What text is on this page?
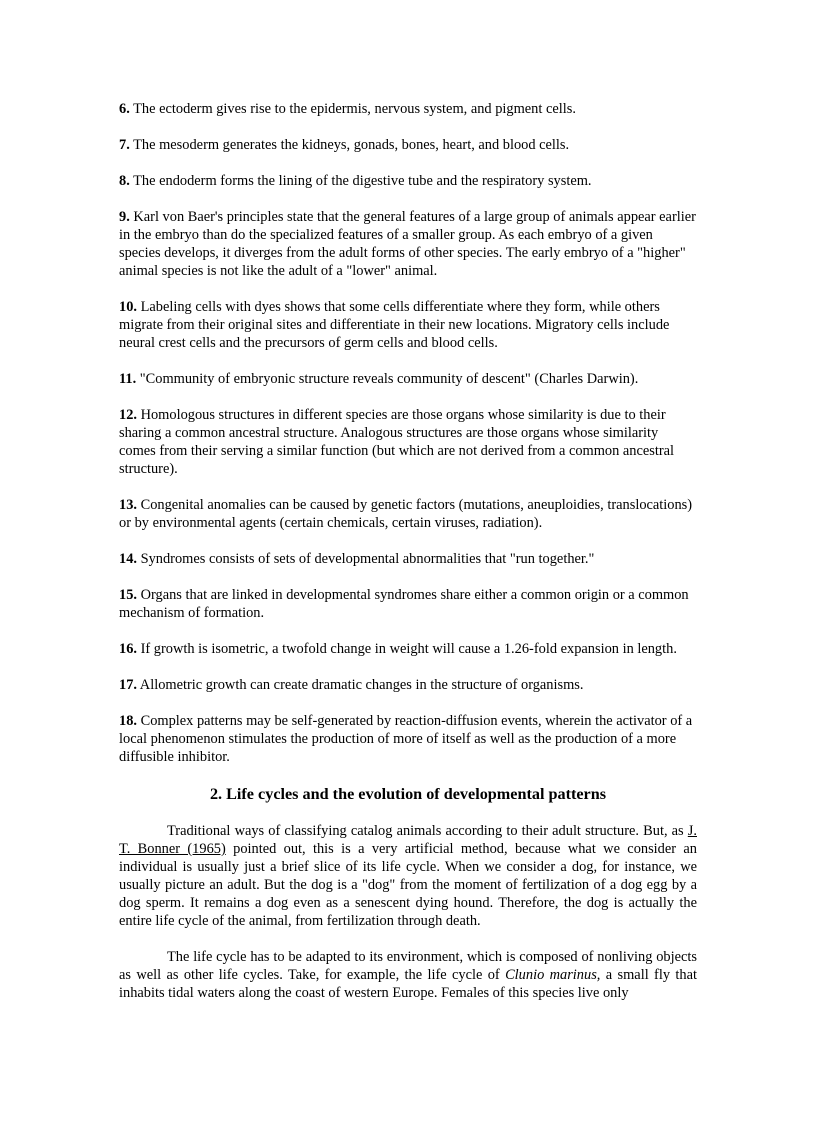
6. The ectoderm gives rise to the epidermis, nervous system, and pigment cells.

7. The mesoderm generates the kidneys, gonads, bones, heart, and blood cells.

8. The endoderm forms the lining of the digestive tube and the respiratory system.

9. Karl von Baer's principles state that the general features of a large group of animals appear earlier in the embryo than do the specialized features of a smaller group. As each embryo of a given species develops, it diverges from the adult forms of other species. The early embryo of a "higher" animal species is not like the adult of a "lower" animal.

10. Labeling cells with dyes shows that some cells differentiate where they form, while others migrate from their original sites and differentiate in their new locations. Migratory cells include neural crest cells and the precursors of germ cells and blood cells.

11. "Community of embryonic structure reveals community of descent" (Charles Darwin).

12. Homologous structures in different species are those organs whose similarity is due to their sharing a common ancestral structure. Analogous structures are those organs whose similarity comes from their serving a similar function (but which are not derived from a common ancestral structure).

13. Congenital anomalies can be caused by genetic factors (mutations, aneuploidies, translocations) or by environmental agents (certain chemicals, certain viruses, radiation).

14. Syndromes consists of sets of developmental abnormalities that "run together."

15. Organs that are linked in developmental syndromes share either a common origin or a common mechanism of formation.

16. If growth is isometric, a twofold change in weight will cause a 1.26-fold expansion in length.

17. Allometric growth can create dramatic changes in the structure of organisms.

18. Complex patterns may be self-generated by reaction-diffusion events, wherein the activator of a local phenomenon stimulates the production of more of itself as well as the production of a more diffusible inhibitor.

2. Life cycles and the evolution of developmental patterns

Traditional ways of classifying catalog animals according to their adult structure. But, as J. T. Bonner (1965) pointed out, this is a very artificial method, because what we consider an individual is usually just a brief slice of its life cycle. When we consider a dog, for instance, we usually picture an adult. But the dog is a "dog" from the moment of fertilization of a dog egg by a dog sperm. It remains a dog even as a senescent dying hound. Therefore, the dog is actually the entire life cycle of the animal, from fertilization through death.

The life cycle has to be adapted to its environment, which is composed of nonliving objects as well as other life cycles. Take, for example, the life cycle of Clunio marinus, a small fly that inhabits tidal waters along the coast of western Europe. Females of this species live only
